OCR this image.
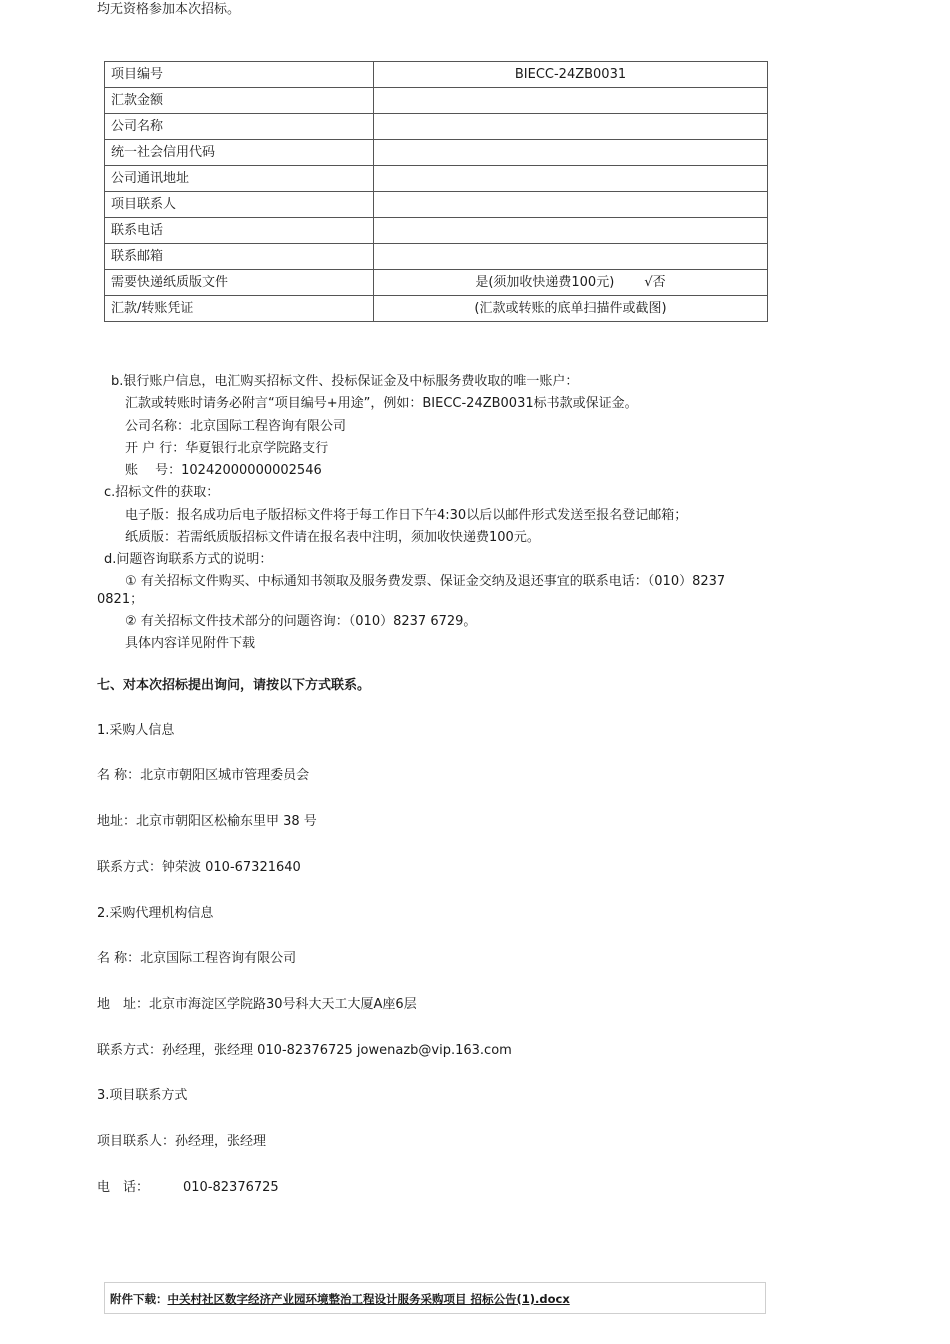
均无资格参加本次招标。
项目编号	BIECC-24ZB0031
汇款金额	
公司名称	
统一社会信用代码	
公司通讯地址	
项目联系人	
联系电话	
联系邮箱	
需要快递纸质版文件	是(须加收快递费100元)　　 √否
汇款/转账凭证	(汇款或转账的底单扫描件或截图)
b.银行账户信息，电汇购买招标文件、投标保证金及中标服务费收取的唯一账户：
汇款或转账时请务必附言“项目编号+用途”，例如：BIECC-24ZB0031标书款或保证金。
公司名称：北京国际工程咨询有限公司
开 户 行：华夏银行北京学院路支行
账　 号：10242000000002546
c.招标文件的获取：
电子版：报名成功后电子版招标文件将于每工作日下午4:30以后以邮件形式发送至报名登记邮箱；
纸质版：若需纸质版招标文件请在报名表中注明，须加收快递费100元。
d.问题咨询联系方式的说明：
① 有关招标文件购买、中标通知书领取及服务费发票、保证金交纳及退还事宜的联系电话：（010）8237
0821；
② 有关招标文件技术部分的问题咨询：（010）8237 6729。
具体内容详见附件下载
七、对本次招标提出询问，请按以下方式联系。
1.采购人信息
名 称：北京市朝阳区城市管理委员会
地址：北京市朝阳区松榆东里甲 38 号
联系方式：钟荣波 010-67321640
2.采购代理机构信息
名 称：北京国际工程咨询有限公司
地　址：北京市海淀区学院路30号科大天工大厦A座6层
联系方式：孙经理，张经理 010-82376725 jowenazb@vip.163.com
3.项目联系方式
项目联系人：孙经理，张经理
电　话：	010-82376725
附件下载：中关村社区数字经济产业园环境整治工程设计服务采购项目 招标公告(1).docx
